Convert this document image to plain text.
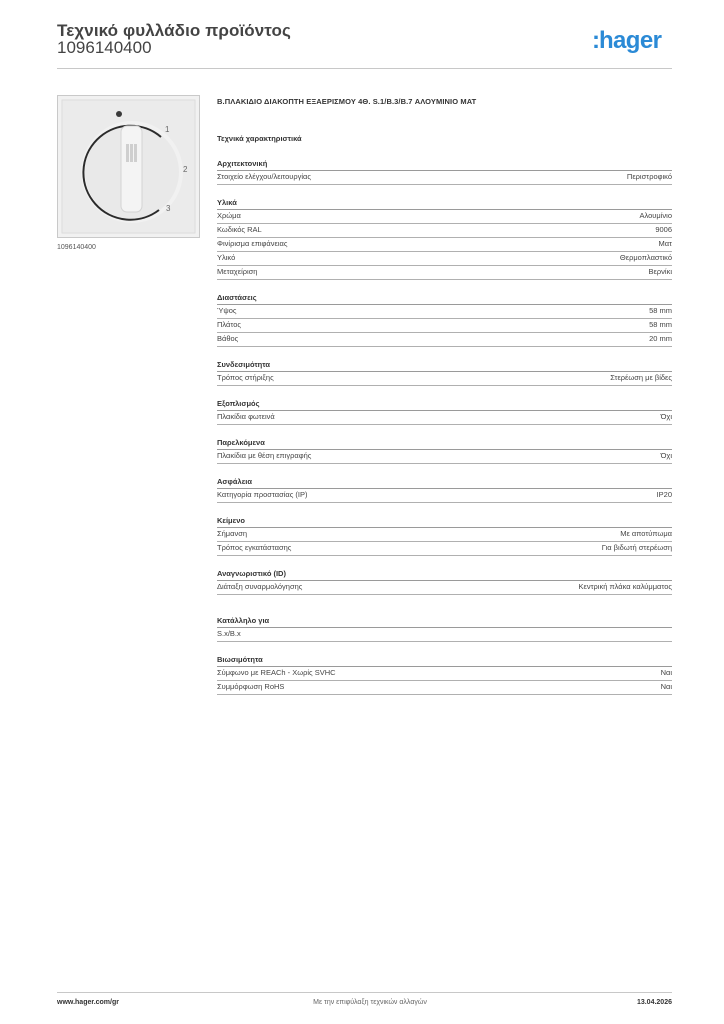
Τεχνικό φυλλάδιο προϊόντος
1096140400	:hager
1
2
3
1096140400
Β.ΠΛΑΚΙΔΙΟ ΔΙΑΚΟΠΤΗ ΕΞΑΕΡΙΣΜΟΥ 4Θ. S.1/B.3/B.7 ΑΛΟΥΜΙΝΙΟ ΜΑΤ
Τεχνικά χαρακτηριστικά
Αρχιτεκτονική
Στοιχείο ελέγχου/λειτουργίας	Περιστροφικό
Υλικά
Χρώμα	Αλουμίνιο
Κωδικός RAL	9006
Φινίρισμα επιφάνειας	Ματ
Υλικό	Θερμοπλαστικό
Μεταχείριση	Βερνίκι
Διαστάσεις
Ύψος	58 mm
Πλάτος	58 mm
Βάθος	20 mm
Συνδεσιμότητα
Τρόπος στήριξης	Στερέωση με βίδες
Εξοπλισμός
Πλακίδια φωτεινά	Όχι
Παρελκόμενα
Πλακίδια με θέση επιγραφής	Όχι
Ασφάλεια
Κατηγορία προστασίας (IP)	IP20
Κείμενο
Σήμανση	Με αποτύπωμα
Τρόπος εγκατάστασης	Για βιδωτή στερέωση
Αναγνωριστικό (ID)
Διάταξη συναρμολόγησης	Κεντρική πλάκα καλύμματος
Κατάλληλο για
S.x/B.x
Βιωσιμότητα
Σύμφωνο με REACh - Χωρίς SVHC	Ναι
Συμμόρφωση RoHS	Ναι
www.hager.com/gr	Με την επιφύλαξη τεχνικών αλλαγών	13.04.2026
